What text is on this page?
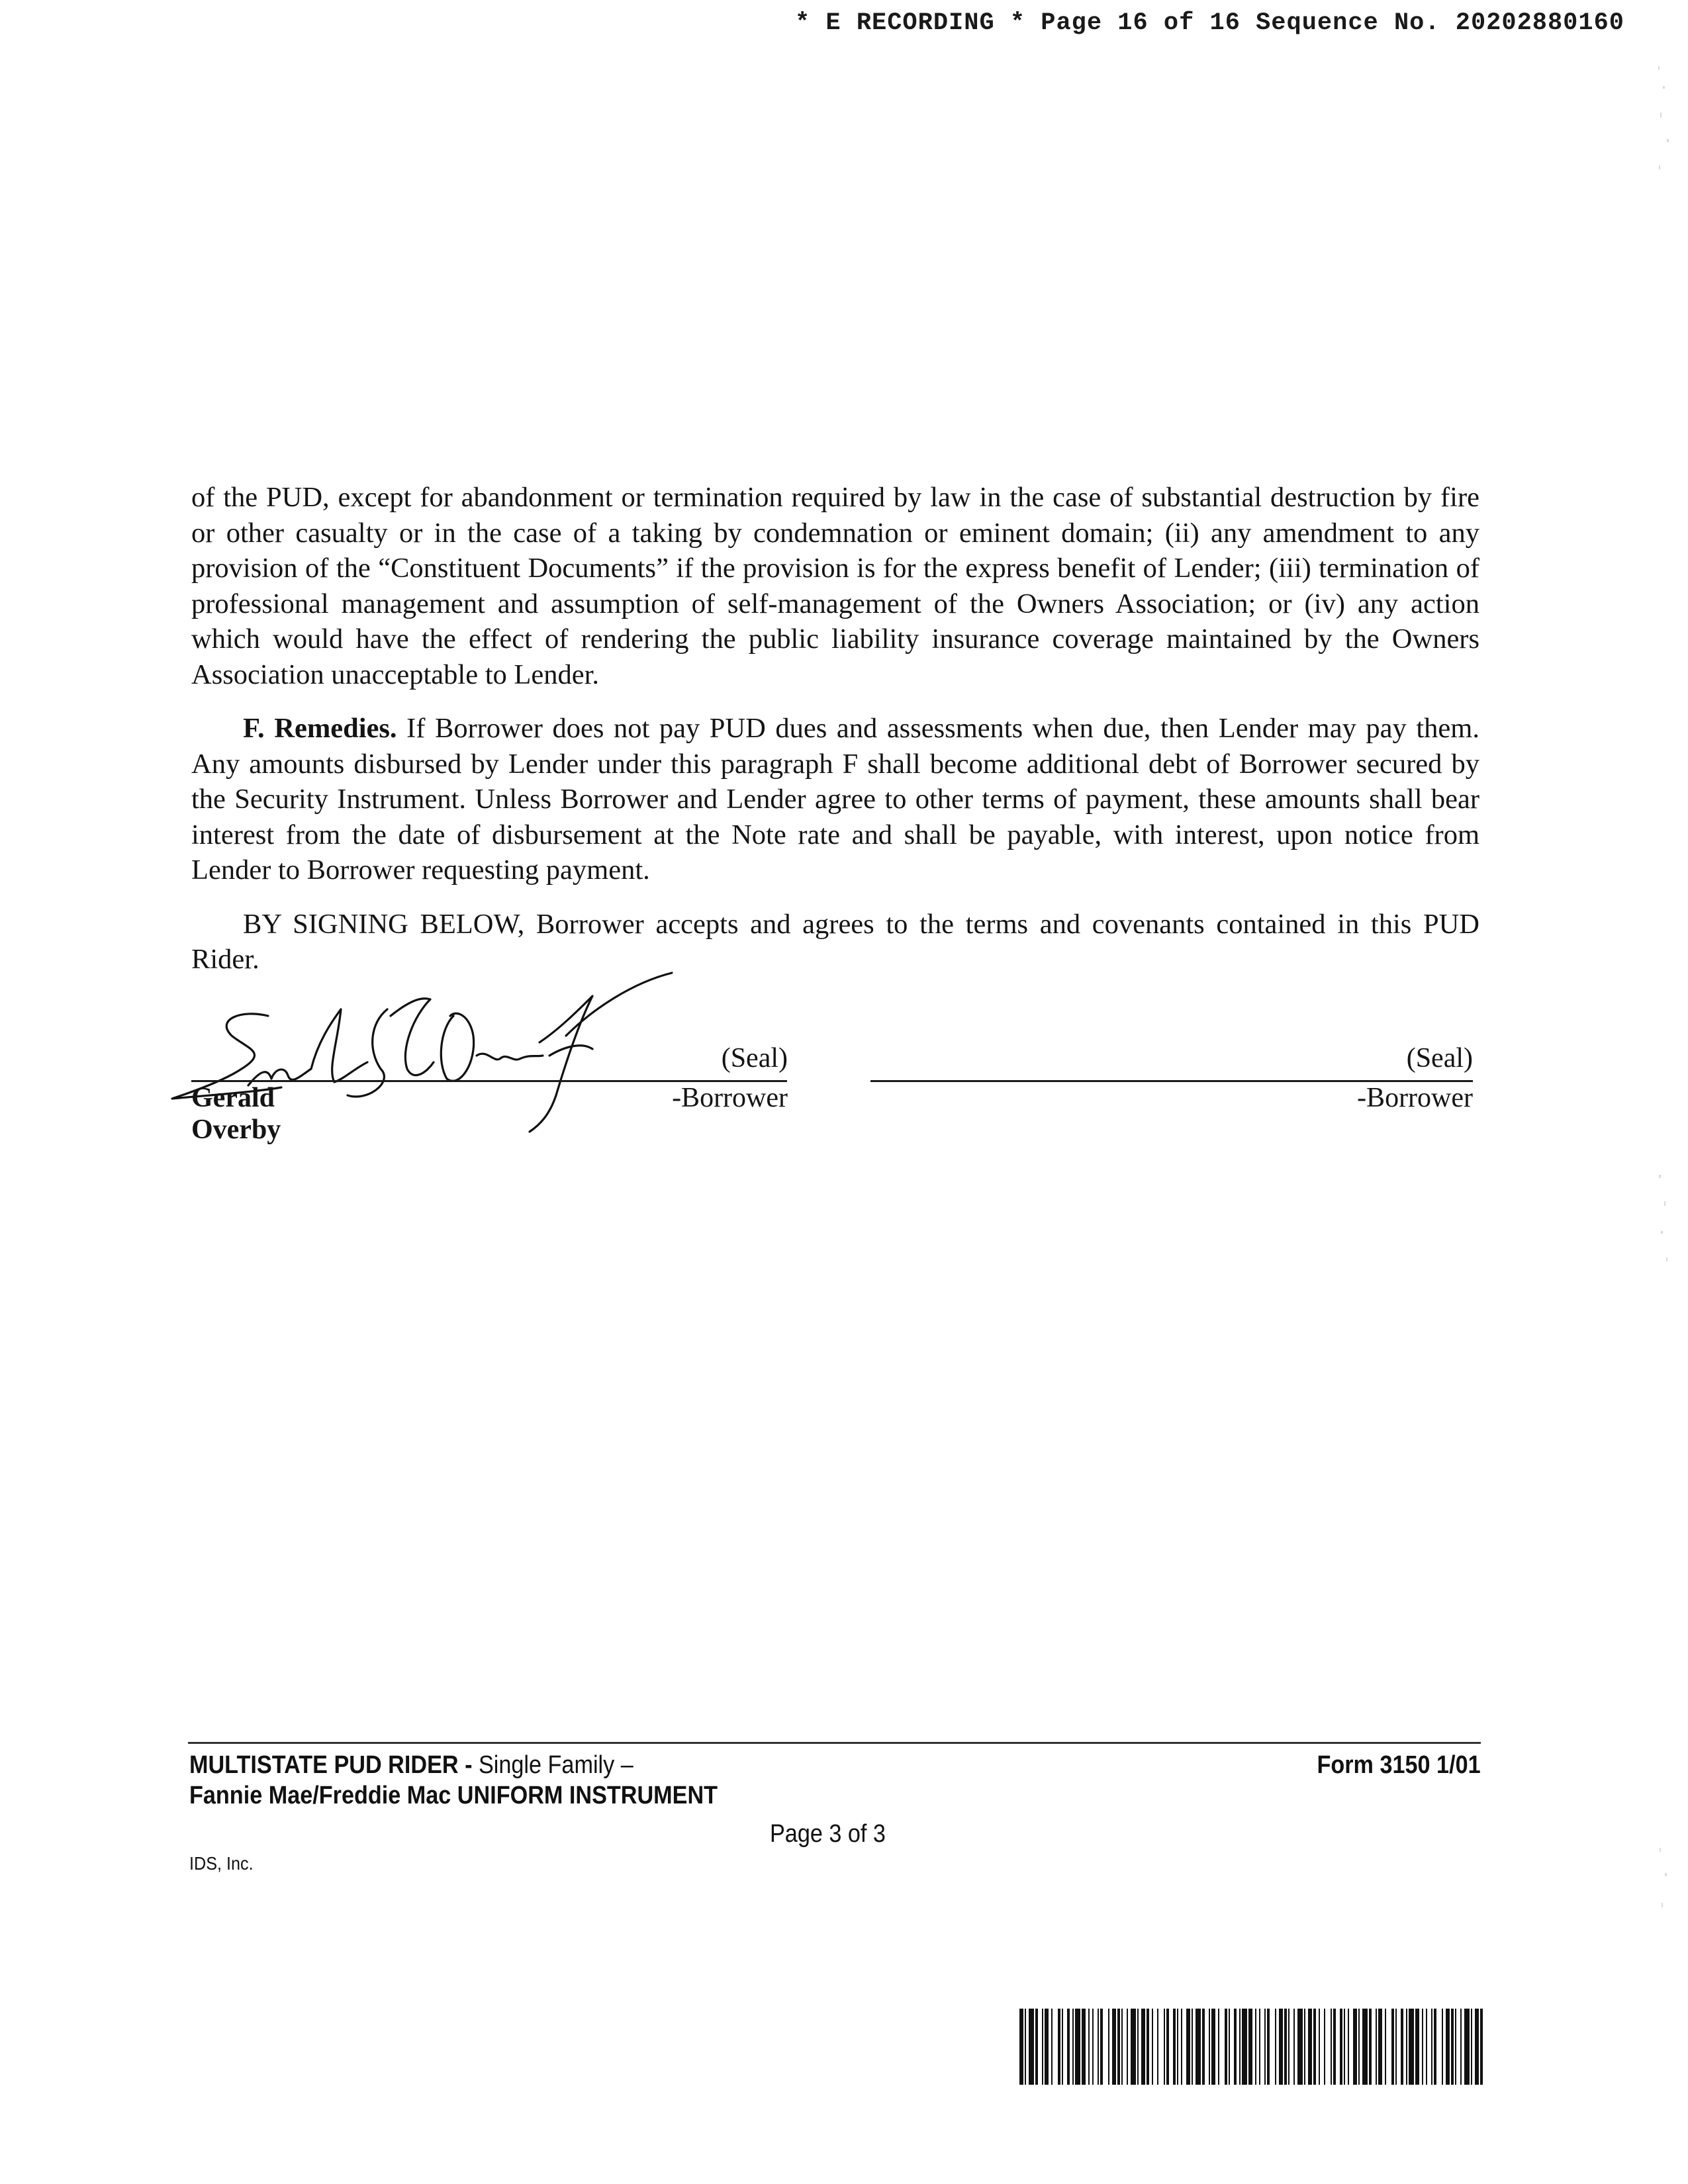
* E RECORDING * Page 16 of 16 Sequence No. 20202880160

of the PUD, except for abandonment or termination required by law in the case of substantial destruction by fire or other casualty or in the case of a taking by condemnation or eminent domain; (ii) any amendment to any provision of the “Constituent Documents” if the provision is for the express benefit of Lender; (iii) termination of professional management and assumption of self-management of the Owners Association; or (iv) any action which would have the effect of rendering the public liability insurance coverage maintained by the Owners Association unacceptable to Lender.

F. Remedies. If Borrower does not pay PUD dues and assessments when due, then Lender may pay them. Any amounts disbursed by Lender under this paragraph F shall become additional debt of Borrower secured by the Security Instrument. Unless Borrower and Lender agree to other terms of payment, these amounts shall bear interest from the date of disbursement at the Note rate and shall be payable, with interest, upon notice from Lender to Borrower requesting payment.

BY SIGNING BELOW, Borrower accepts and agrees to the terms and covenants contained in this PUD Rider.

(Seal)
Gerald Overby
-Borrower
(Seal)
-Borrower
MULTISTATE PUD RIDER - Single Family –
Fannie Mae/Freddie Mac UNIFORM INSTRUMENT
Form 3150 1/01
Page 3 of 3
IDS, Inc.
